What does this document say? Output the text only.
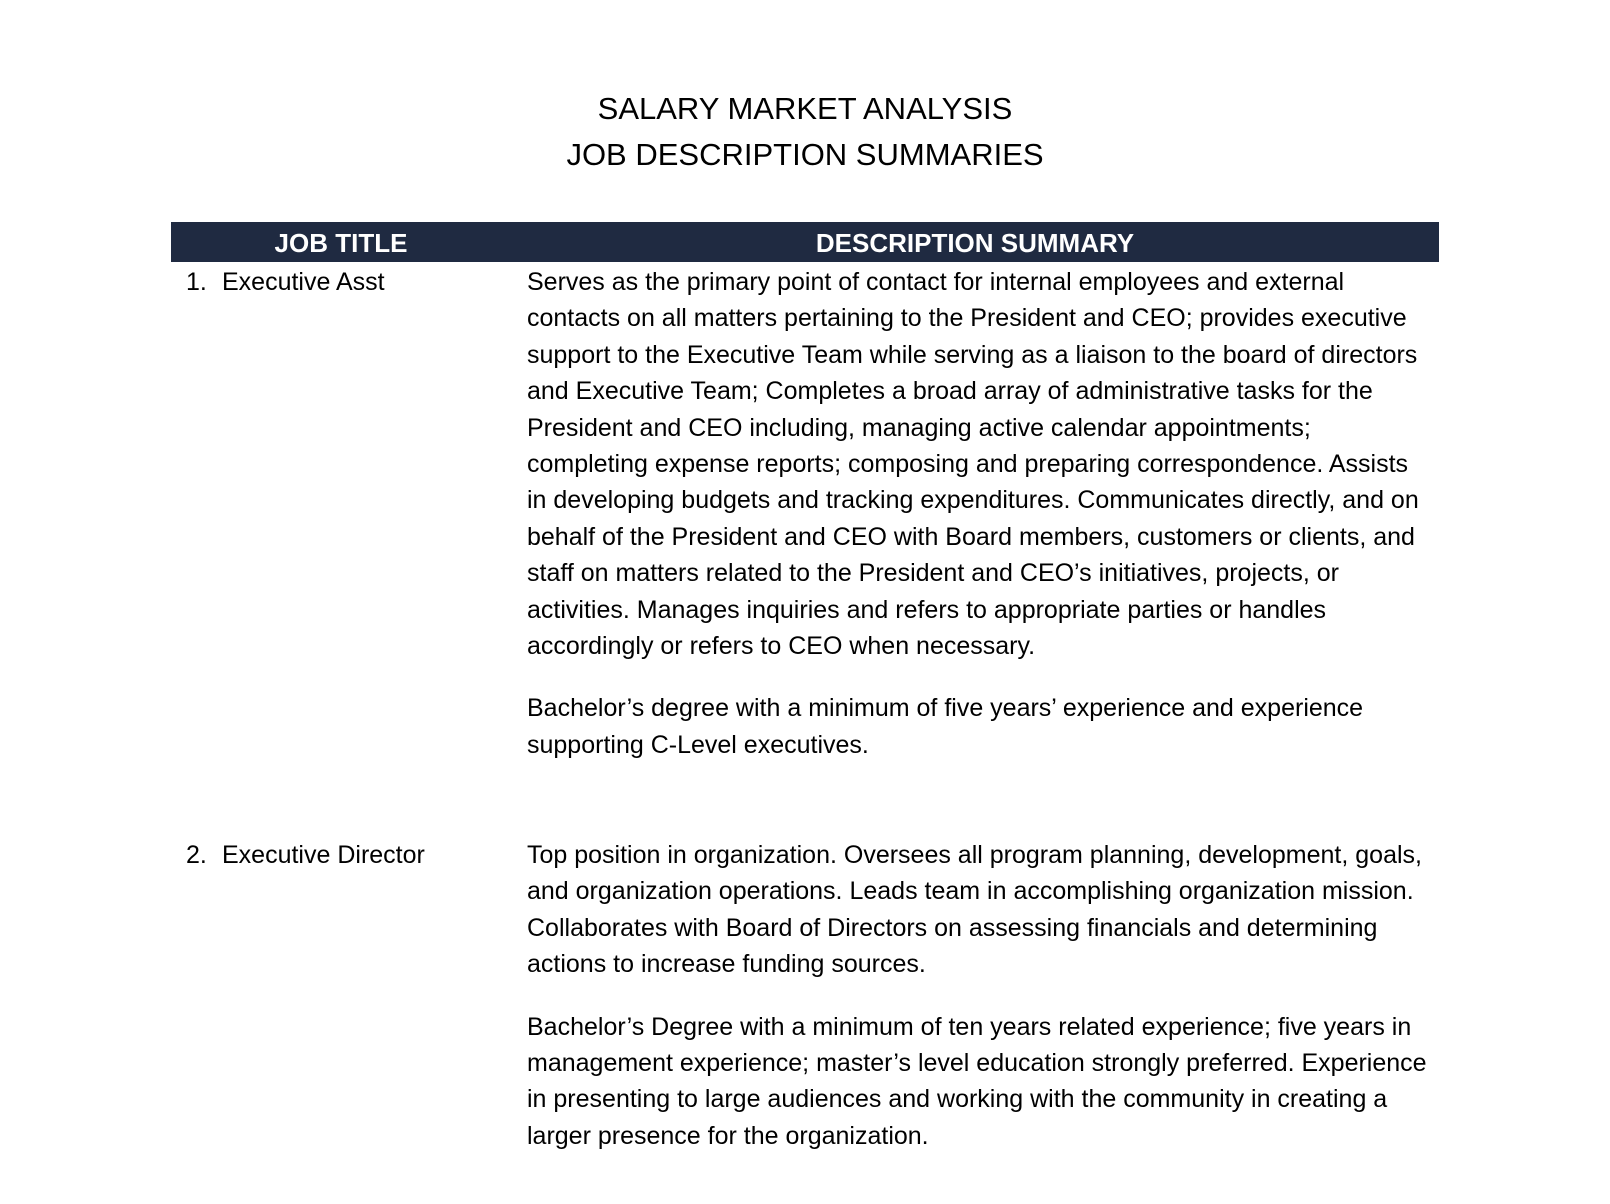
SALARY MARKET ANALYSIS
JOB DESCRIPTION SUMMARIES
JOB TITLE	DESCRIPTION SUMMARY
1. Executive Asst	Serves as the primary point of contact for internal employees and external contacts on all matters pertaining to the President and CEO; provides executive support to the Executive Team while serving as a liaison to the board of directors and Executive Team; Completes a broad array of administrative tasks for the President and CEO including, managing active calendar appointments; completing expense reports; composing and preparing correspondence. Assists in developing budgets and tracking expenditures. Communicates directly, and on behalf of the President and CEO with Board members, customers or clients, and staff on matters related to the President and CEO’s initiatives, projects, or activities. Manages inquiries and refers to appropriate parties or handles accordingly or refers to CEO when necessary.

Bachelor’s degree with a minimum of five years’ experience and experience supporting C-Level executives.

2. Executive Director	Top position in organization. Oversees all program planning, development, goals, and organization operations. Leads team in accomplishing organization mission. Collaborates with Board of Directors on assessing financials and determining actions to increase funding sources.

Bachelor’s Degree with a minimum of ten years related experience; five years in management experience; master’s level education strongly preferred. Experience in presenting to large audiences and working with the community in creating a larger presence for the organization.
